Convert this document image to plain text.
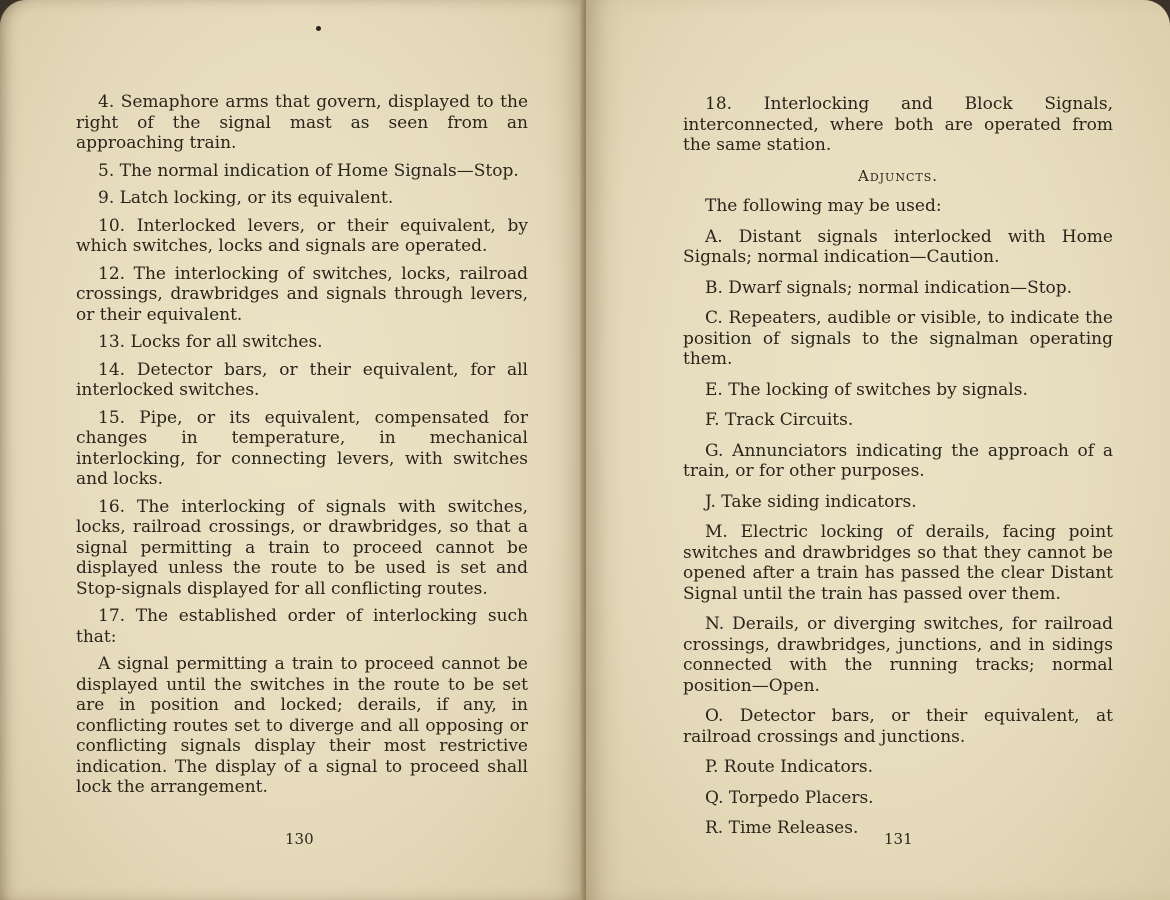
4. Semaphore arms that govern, displayed to the right of the signal mast as seen from an approaching train.

5. The normal indication of Home Signals—Stop.

9. Latch locking, or its equivalent.

10. Interlocked levers, or their equivalent, by which switches, locks and signals are operated.

12. The interlocking of switches, locks, railroad crossings, drawbridges and signals through levers, or their equivalent.

13. Locks for all switches.

14. Detector bars, or their equivalent, for all interlocked switches.

15. Pipe, or its equivalent, compensated for changes in temperature, in mechanical interlocking, for connecting levers, with switches and locks.

16. The interlocking of signals with switches, locks, railroad crossings, or drawbridges, so that a signal permitting a train to proceed cannot be displayed unless the route to be used is set and Stop-signals displayed for all conflicting routes.

17. The established order of interlocking such that:

A signal permitting a train to proceed cannot be displayed until the switches in the route to be set are in position and locked; derails, if any, in conflicting routes set to diverge and all opposing or conflicting signals display their most restrictive indication. The display of a signal to proceed shall lock the arrangement.

130

18. Interlocking and Block Signals, interconnected, where both are operated from the same station.

Adjuncts.

The following may be used:

A. Distant signals interlocked with Home Signals; normal indication—Caution.

B. Dwarf signals; normal indication—Stop.

C. Repeaters, audible or visible, to indicate the position of signals to the signalman operating them.

E. The locking of switches by signals.

F. Track Circuits.

G. Annunciators indicating the approach of a train, or for other purposes.

J. Take siding indicators.

M. Electric locking of derails, facing point switches and drawbridges so that they cannot be opened after a train has passed the clear Distant Signal until the train has passed over them.

N. Derails, or diverging switches, for railroad crossings, drawbridges, junctions, and in sidings connected with the running tracks; normal position—Open.

O. Detector bars, or their equivalent, at railroad crossings and junctions.

P. Route Indicators.

Q. Torpedo Placers.

R. Time Releases.

131
